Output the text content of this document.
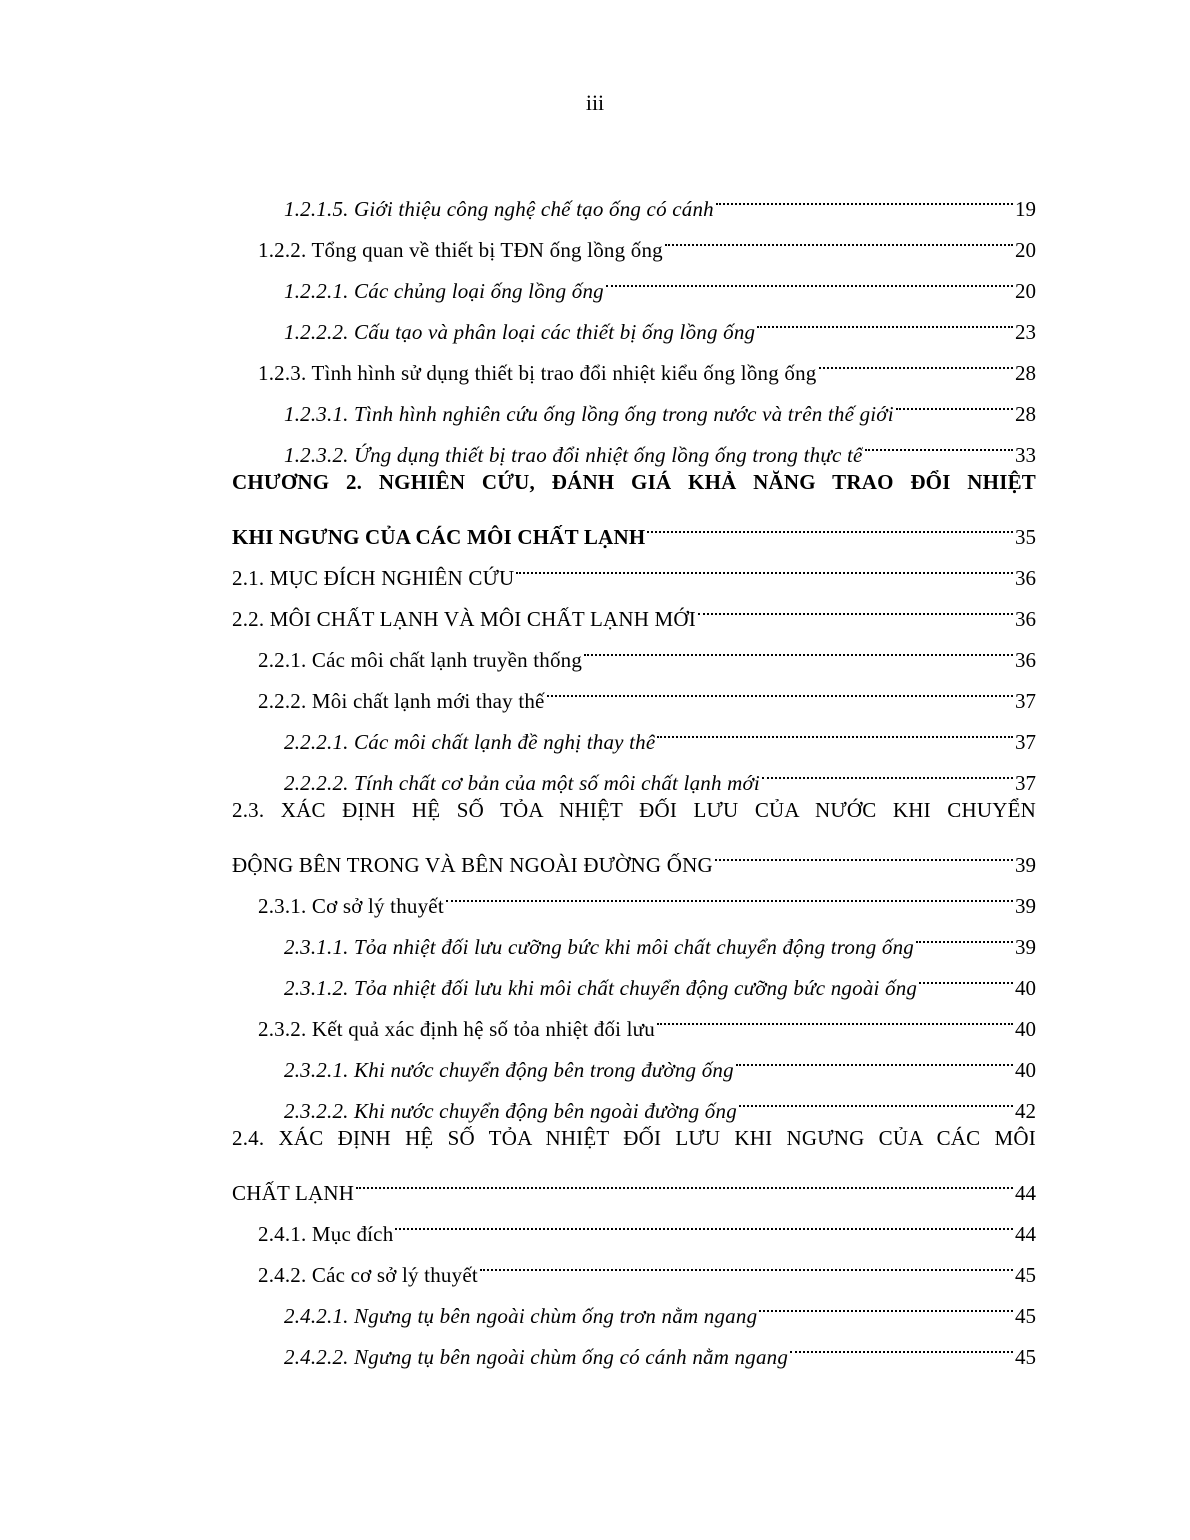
iii
1.2.1.5. Giới thiệu công nghệ chế tạo ống có cánh	19
1.2.2. Tổng quan về thiết bị TĐN ống lồng ống	20
1.2.2.1. Các chủng loại ống lồng ống	20
1.2.2.2. Cấu tạo và phân loại các thiết bị ống lồng ống	23
1.2.3. Tình hình sử dụng thiết bị trao đổi nhiệt kiểu ống lồng ống	28
1.2.3.1. Tình hình nghiên cứu ống lồng ống trong nước và trên thế giới	28
1.2.3.2. Ứng dụng thiết bị trao đổi nhiệt ống lồng ống trong thực tế	33
CHƯƠNG 2. NGHIÊN CỨU, ĐÁNH GIÁ KHẢ NĂNG TRAO ĐỔI NHIỆT
KHI NGƯNG CỦA CÁC MÔI CHẤT LẠNH	35
2.1. MỤC ĐÍCH NGHIÊN CỨU	36
2.2. MÔI CHẤT LẠNH VÀ MÔI CHẤT LẠNH MỚI	36
2.2.1. Các môi chất lạnh truyền thống	36
2.2.2. Môi chất lạnh mới thay thế	37
2.2.2.1. Các môi chất lạnh đề nghị thay thế	37
2.2.2.2. Tính chất cơ bản của một số môi chất lạnh mới	37
2.3. XÁC ĐỊNH HỆ SỐ TỎA NHIỆT ĐỐI LƯU CỦA NƯỚC KHI CHUYỂN
ĐỘNG BÊN TRONG VÀ BÊN NGOÀI ĐƯỜNG ỐNG	39
2.3.1. Cơ sở lý thuyết	39
2.3.1.1. Tỏa nhiệt đối lưu cưỡng bức khi môi chất chuyển động trong ống	39
2.3.1.2. Tỏa nhiệt đối lưu khi môi chất chuyển động cưỡng bức ngoài ống	40
2.3.2. Kết quả xác định hệ số tỏa nhiệt đối lưu	40
2.3.2.1. Khi nước chuyển động bên trong đường ống	40
2.3.2.2. Khi nước chuyển động bên ngoài đường ống	42
2.4. XÁC ĐỊNH HỆ SỐ TỎA NHIỆT ĐỐI LƯU KHI NGƯNG CỦA CÁC MÔI
CHẤT LẠNH	44
2.4.1. Mục đích	44
2.4.2. Các cơ sở lý thuyết	45
2.4.2.1. Ngưng tụ bên ngoài chùm ống trơn nằm ngang	45
2.4.2.2. Ngưng tụ bên ngoài chùm ống có cánh nằm ngang	45
